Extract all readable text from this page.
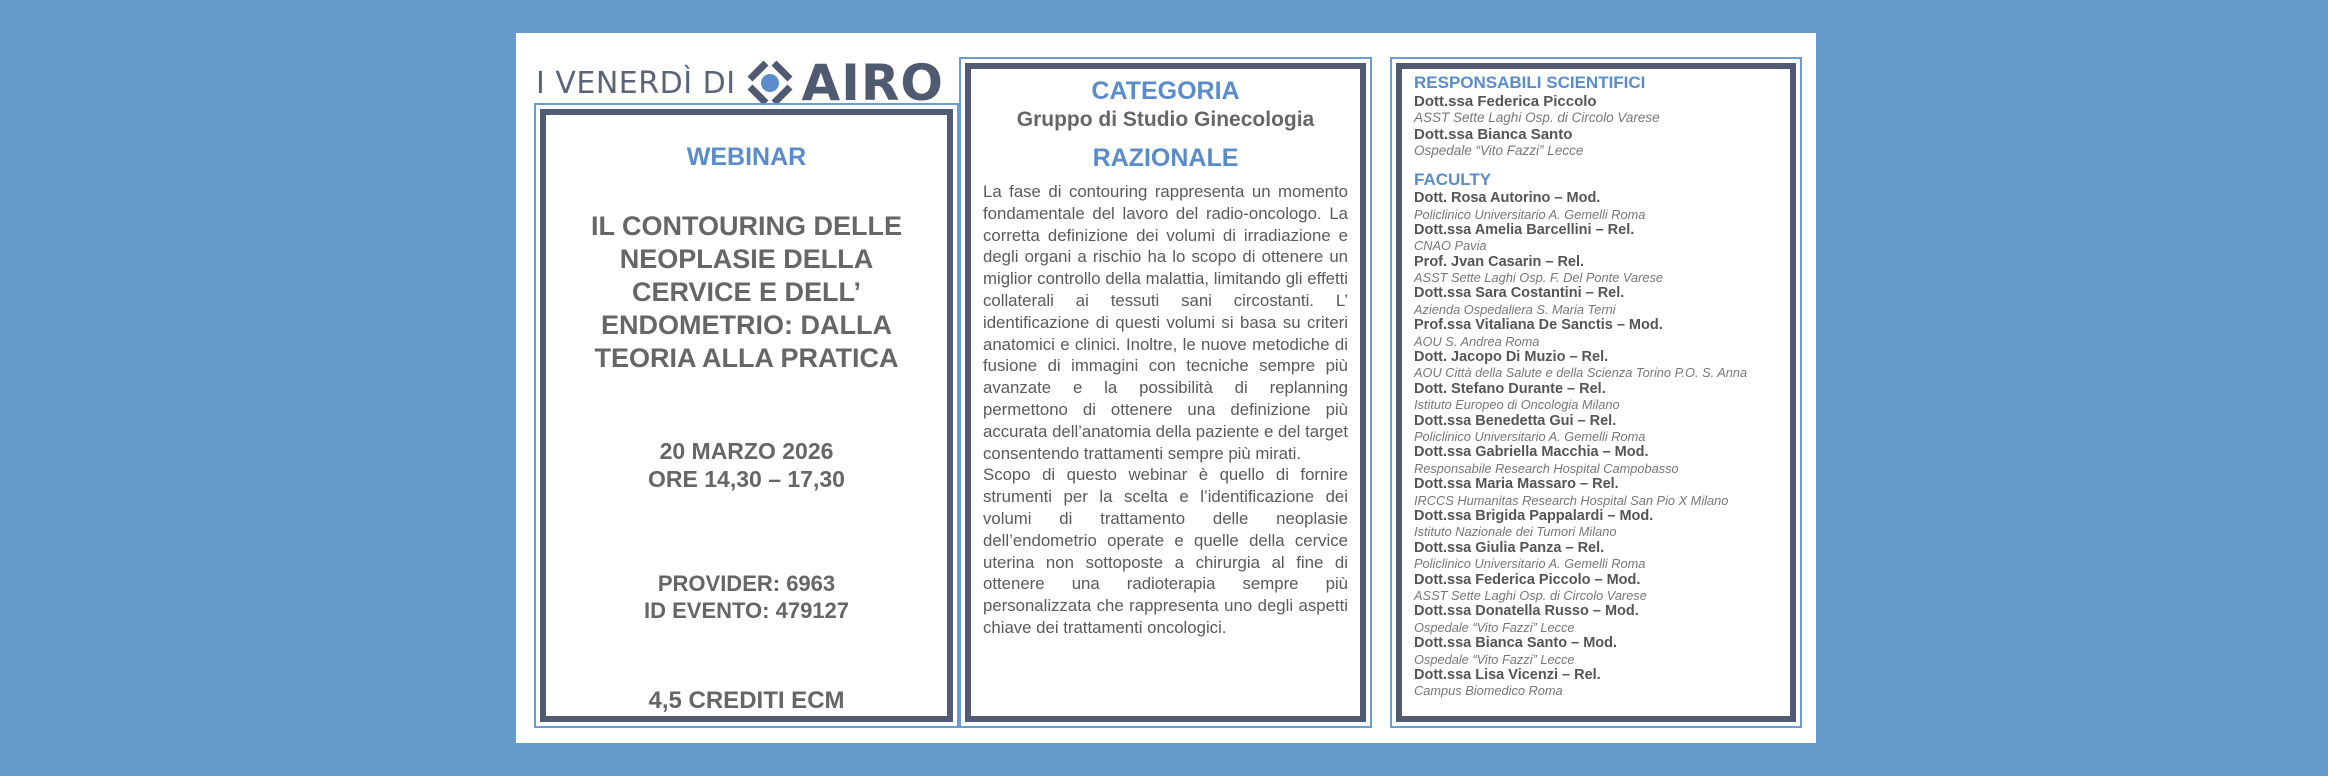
I VENERDÌ DI AIRO
WEBINAR
IL CONTOURING DELLE
NEOPLASIE DELLA
CERVICE E DELL’
ENDOMETRIO: DALLA
TEORIA ALLA PRATICA
20 MARZO 2026
ORE 14,30 – 17,30
PROVIDER: 6963
ID EVENTO: 479127
4,5 CREDITI ECM
CATEGORIA
Gruppo di Studio Ginecologia
RAZIONALE

La fase di contouring rappresenta un momento fondamentale del lavoro del radio-oncologo. La corretta definizione dei volumi di irradiazione e degli organi a rischio ha lo scopo di ottenere un miglior controllo della malattia, limitando gli effetti collaterali ai tessuti sani circostanti. L’ identificazione di questi volumi si basa su criteri anatomici e clinici. Inoltre, le nuove metodiche di fusione di immagini con tecniche sempre più avanzate e la possibilità di replanning permettono di ottenere una definizione più accurata dell’anatomia della paziente e del target consentendo trattamenti sempre più mirati.

Scopo di questo webinar è quello di fornire strumenti per la scelta e l’identificazione dei volumi di trattamento delle neoplasie dell’endometrio operate e quelle della cervice uterina non sottoposte a chirurgia al fine di ottenere una radioterapia sempre più personalizzata che rappresenta uno degli aspetti chiave dei trattamenti oncologici.

RESPONSABILI SCIENTIFICI
Dott.ssa Federica Piccolo
ASST Sette Laghi Osp. di Circolo Varese
Dott.ssa Bianca Santo
Ospedale “Vito Fazzi” Lecce
FACULTY
Dott. Rosa Autorino – Mod.
Policlinico Universitario A. Gemelli Roma
Dott.ssa Amelia Barcellini – Rel.
CNAO Pavia
Prof. Jvan Casarin – Rel.
ASST Sette Laghi Osp. F. Del Ponte Varese
Dott.ssa Sara Costantini – Rel.
Azienda Ospedaliera S. Maria Terni
Prof.ssa Vitaliana De Sanctis – Mod.
AOU S. Andrea Roma
Dott. Jacopo Di Muzio – Rel.
AOU Città della Salute e della Scienza Torino P.O. S. Anna
Dott. Stefano Durante – Rel.
Istituto Europeo di Oncologia Milano
Dott.ssa Benedetta Gui – Rel.
Policlinico Universitario A. Gemelli Roma
Dott.ssa Gabriella Macchia – Mod.
Responsabile Research Hospital Campobasso
Dott.ssa Maria Massaro – Rel.
IRCCS Humanitas Research Hospital San Pio X Milano
Dott.ssa Brigida Pappalardi – Mod.
Istituto Nazionale dei Tumori Milano
Dott.ssa Giulia Panza – Rel.
Policlinico Universitario A. Gemelli Roma
Dott.ssa Federica Piccolo – Mod.
ASST Sette Laghi Osp. di Circolo Varese
Dott.ssa Donatella Russo – Mod.
Ospedale “Vito Fazzi” Lecce
Dott.ssa Bianca Santo – Mod.
Ospedale “Vito Fazzi” Lecce
Dott.ssa Lisa Vicenzi – Rel.
Campus Biomedico Roma
